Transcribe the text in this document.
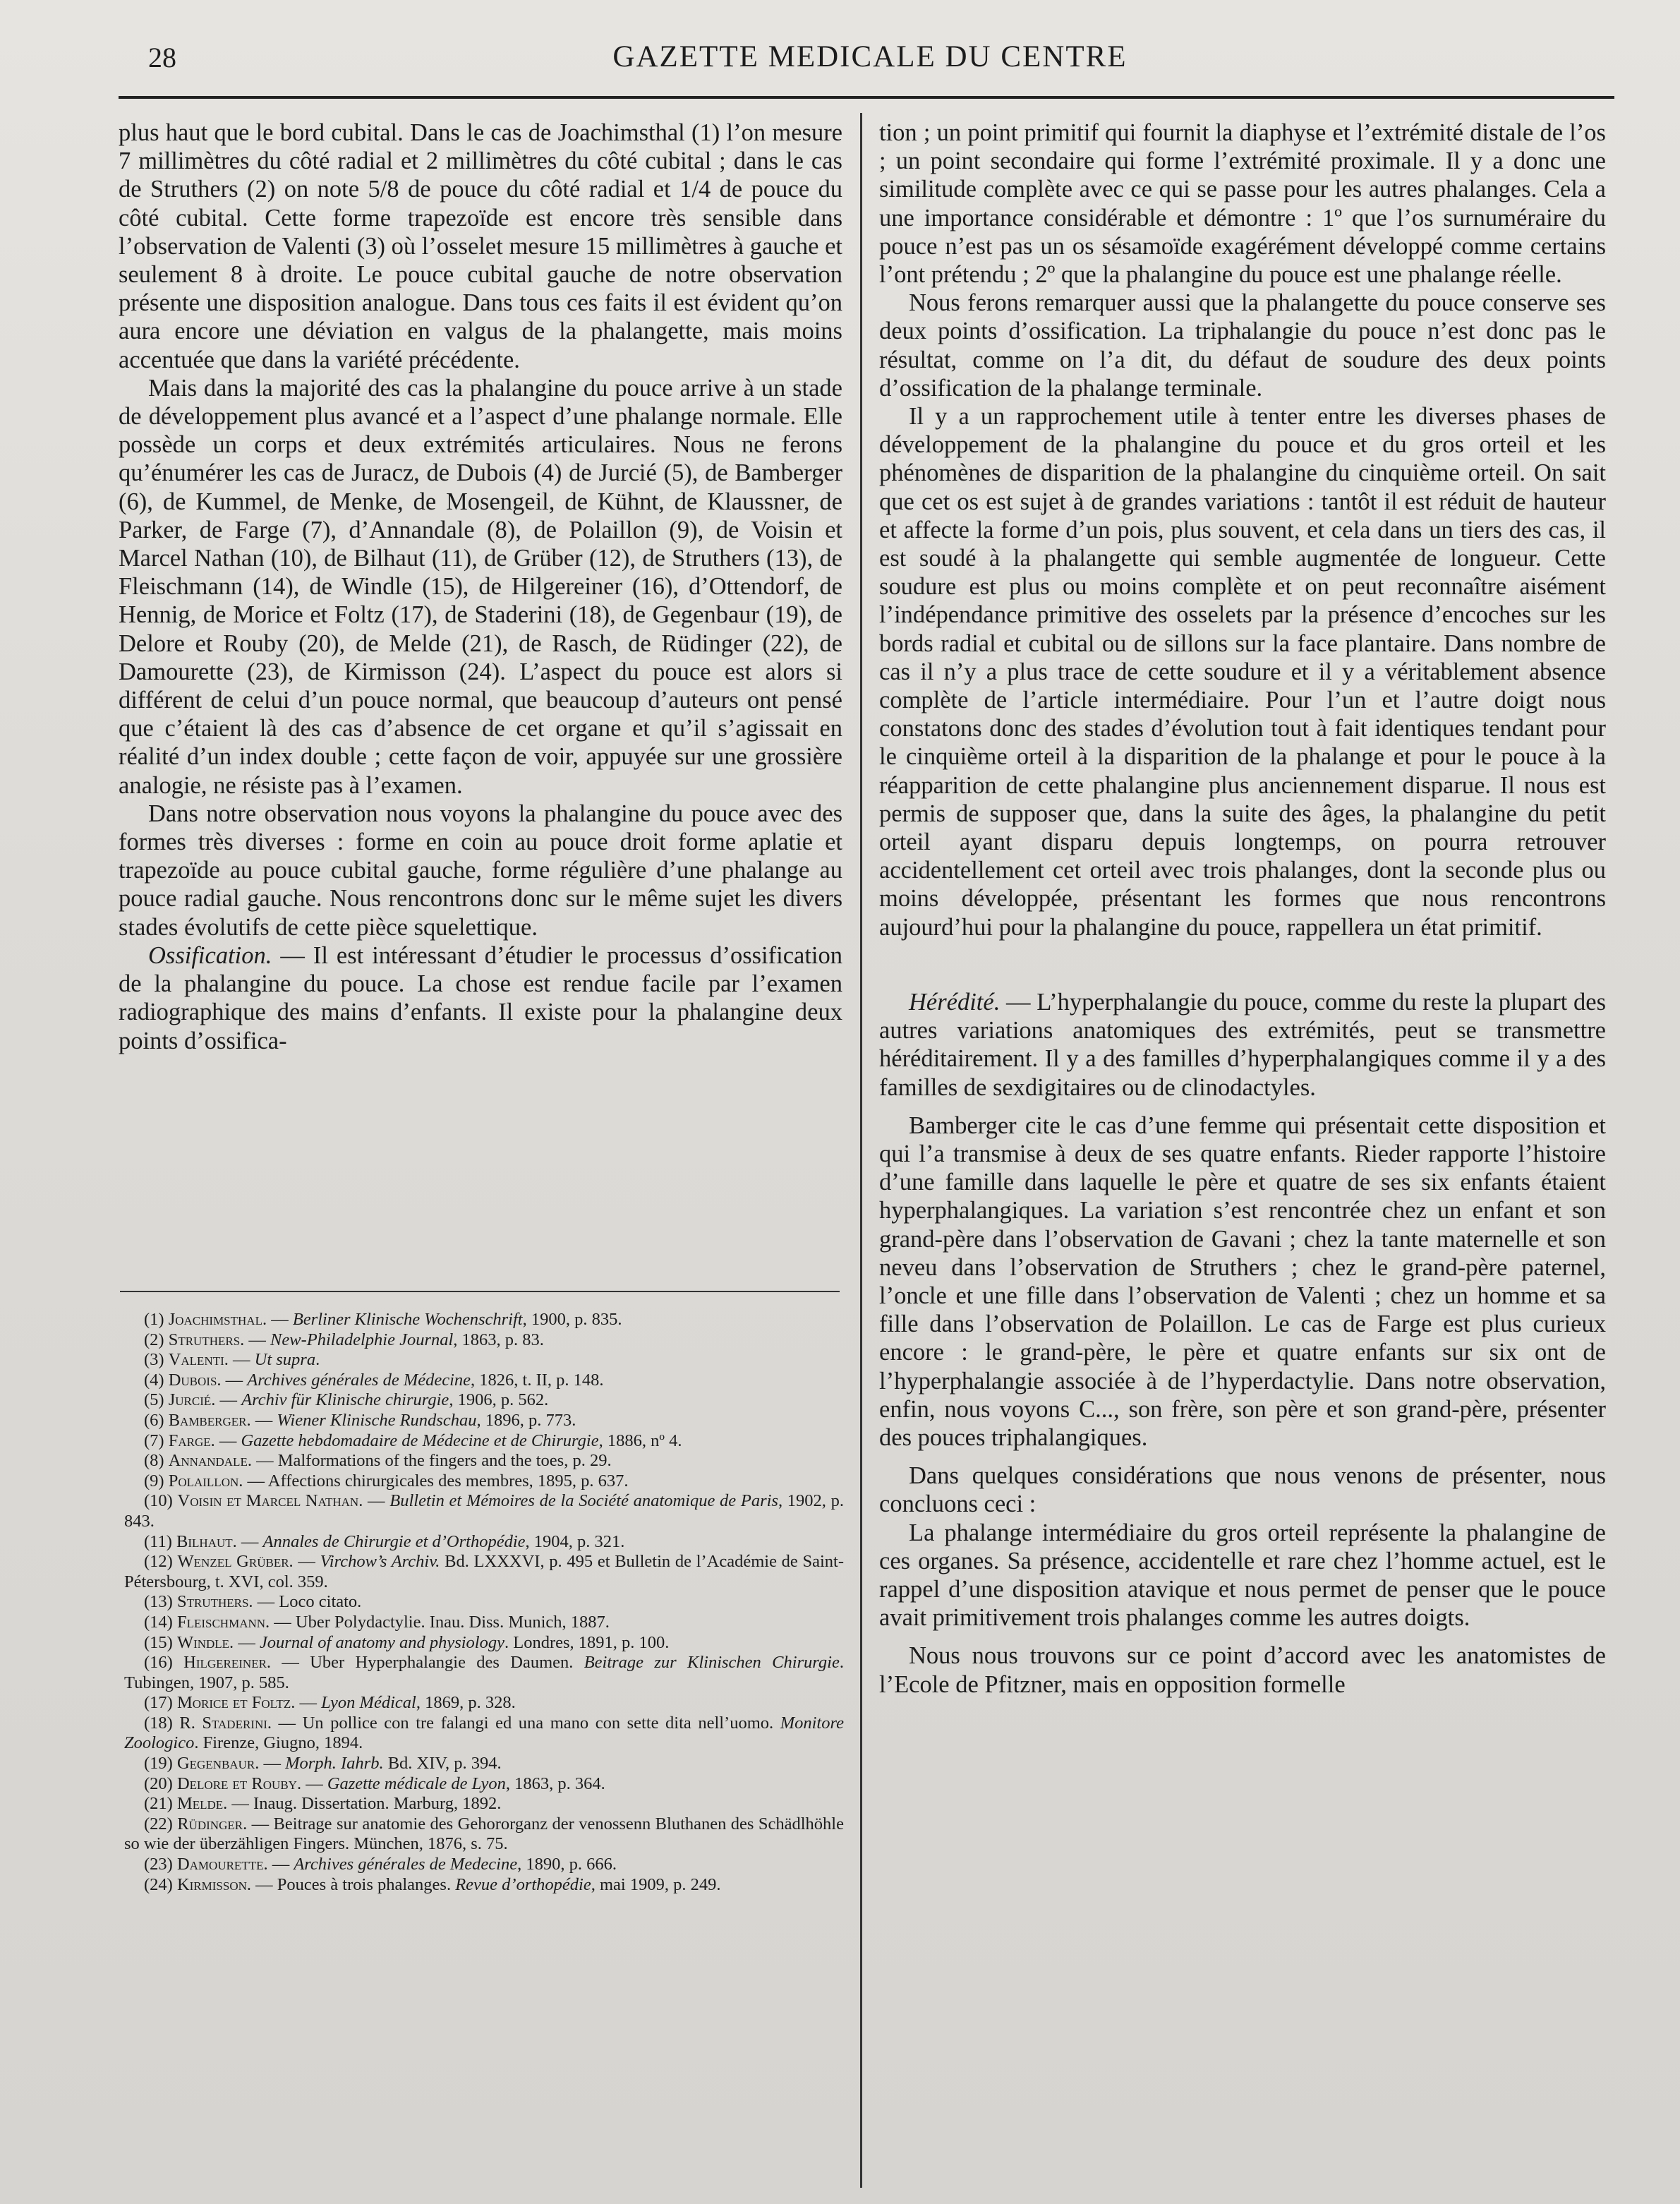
28	GAZETTE MEDICALE DU CENTRE

plus haut que le bord cubital. Dans le cas de Joachimsthal (1) l’on mesure 7 millimètres du côté radial et 2 millimètres du côté cubital ; dans le cas de Struthers (2) on note 5/8 de pouce du côté radial et 1/4 de pouce du côté cubital. Cette forme trapezoïde est encore très sensible dans l’observation de Valenti (3) où l’osselet mesure 15 millimètres à gauche et seulement 8 à droite. Le pouce cubital gauche de notre observation présente une disposition analogue. Dans tous ces faits il est évident qu’on aura encore une déviation en valgus de la phalangette, mais moins accentuée que dans la variété précédente.

Mais dans la majorité des cas la phalangine du pouce arrive à un stade de développement plus avancé et a l’aspect d’une phalange normale. Elle possède un corps et deux extrémités articulaires. Nous ne ferons qu’énumérer les cas de Juracz, de Dubois (4) de Jurcié (5), de Bamberger (6), de Kummel, de Menke, de Mosengeil, de Kühnt, de Klaussner, de Parker, de Farge (7), d’Annandale (8), de Polaillon (9), de Voisin et Marcel Nathan (10), de Bilhaut (11), de Grüber (12), de Struthers (13), de Fleischmann (14), de Windle (15), de Hilgereiner (16), d’Ottendorf, de Hennig, de Morice et Foltz (17), de Staderini (18), de Gegenbaur (19), de Delore et Rouby (20), de Melde (21), de Rasch, de Rüdinger (22), de Damourette (23), de Kirmisson (24). L’aspect du pouce est alors si différent de celui d’un pouce normal, que beaucoup d’auteurs ont pensé que c’étaient là des cas d’absence de cet organe et qu’il s’agissait en réalité d’un index double ; cette façon de voir, appuyée sur une grossière analogie, ne résiste pas à l’examen.

Dans notre observation nous voyons la phalangine du pouce avec des formes très diverses : forme en coin au pouce droit forme aplatie et trapezoïde au pouce cubital gauche, forme régulière d’une phalange au pouce radial gauche. Nous rencontrons donc sur le même sujet les divers stades évolutifs de cette pièce squelettique.

Ossification. — Il est intéressant d’étudier le processus d’ossification de la phalangine du pouce. La chose est rendue facile par l’examen radiographique des mains d’enfants. Il existe pour la phalangine deux points d’ossifica-

(1) Joachimsthal. — Berliner Klinische Wochenschrift, 1900, p. 835.

(2) Struthers. — New-Philadelphie Journal, 1863, p. 83.

(3) Valenti. — Ut supra.

(4) Dubois. — Archives générales de Médecine, 1826, t. II, p. 148.

(5) Jurcié. — Archiv für Klinische chirurgie, 1906, p. 562.

(6) Bamberger. — Wiener Klinische Rundschau, 1896, p. 773.

(7) Farge. — Gazette hebdomadaire de Médecine et de Chirurgie, 1886, nº 4.

(8) Annandale. — Malformations of the fingers and the toes, p. 29.

(9) Polaillon. — Affections chirurgicales des membres, 1895, p. 637.

(10) Voisin et Marcel Nathan. — Bulletin et Mémoires de la Société anatomique de Paris, 1902, p. 843.

(11) Bilhaut. — Annales de Chirurgie et d’Orthopédie, 1904, p. 321.

(12) Wenzel Grüber. — Virchow’s Archiv. Bd. LXXXVI, p. 495 et Bulletin de l’Académie de Saint-Pétersbourg, t. XVI, col. 359.

(13) Struthers. — Loco citato.

(14) Fleischmann. — Uber Polydactylie. Inau. Diss. Munich, 1887.

(15) Windle. — Journal of anatomy and physiology. Londres, 1891, p. 100.

(16) Hilgereiner. — Uber Hyperphalangie des Daumen. Beitrage zur Klinischen Chirurgie. Tubingen, 1907, p. 585.

(17) Morice et Foltz. — Lyon Médical, 1869, p. 328.

(18) R. Staderini. — Un pollice con tre falangi ed una mano con sette dita nell’uomo. Monitore Zoologico. Firenze, Giugno, 1894.

(19) Gegenbaur. — Morph. Iahrb. Bd. XIV, p. 394.

(20) Delore et Rouby. — Gazette médicale de Lyon, 1863, p. 364.

(21) Melde. — Inaug. Dissertation. Marburg, 1892.

(22) Rüdinger. — Beitrage sur anatomie des Gehororganz der venossenn Bluthanen des Schädlhöhle so wie der überzähligen Fingers. München, 1876, s. 75.

(23) Damourette. — Archives générales de Medecine, 1890, p. 666.

(24) Kirmisson. — Pouces à trois phalanges. Revue d’orthopédie, mai 1909, p. 249.

tion ; un point primitif qui fournit la diaphyse et l’extrémité distale de l’os ; un point secondaire qui forme l’extrémité proximale. Il y a donc une similitude complète avec ce qui se passe pour les autres phalanges. Cela a une importance considérable et démontre : 1º que l’os surnuméraire du pouce n’est pas un os sésamoïde exagérément développé comme certains l’ont prétendu ; 2º que la phalangine du pouce est une phalange réelle.

Nous ferons remarquer aussi que la phalangette du pouce conserve ses deux points d’ossification. La triphalangie du pouce n’est donc pas le résultat, comme on l’a dit, du défaut de soudure des deux points d’ossification de la phalange terminale.

Il y a un rapprochement utile à tenter entre les diverses phases de développement de la phalangine du pouce et du gros orteil et les phénomènes de disparition de la phalangine du cinquième orteil. On sait que cet os est sujet à de grandes variations : tantôt il est réduit de hauteur et affecte la forme d’un pois, plus souvent, et cela dans un tiers des cas, il est soudé à la phalangette qui semble augmentée de longueur. Cette soudure est plus ou moins complète et on peut reconnaître aisément l’indépendance primitive des osselets par la présence d’encoches sur les bords radial et cubital ou de sillons sur la face plantaire. Dans nombre de cas il n’y a plus trace de cette soudure et il y a véritablement absence complète de l’article intermédiaire. Pour l’un et l’autre doigt nous constatons donc des stades d’évolution tout à fait identiques tendant pour le cinquième orteil à la disparition de la phalange et pour le pouce à la réapparition de cette phalangine plus anciennement disparue. Il nous est permis de supposer que, dans la suite des âges, la phalangine du petit orteil ayant disparu depuis longtemps, on pourra retrouver accidentellement cet orteil avec trois phalanges, dont la seconde plus ou moins développée, présentant les formes que nous rencontrons aujourd’hui pour la phalangine du pouce, rappellera un état primitif.

Hérédité. — L’hyperphalangie du pouce, comme du reste la plupart des autres variations anatomiques des extrémités, peut se transmettre héréditairement. Il y a des familles d’hyperphalangiques comme il y a des familles de sexdigitaires ou de clinodactyles.

Bamberger cite le cas d’une femme qui présentait cette disposition et qui l’a transmise à deux de ses quatre enfants. Rieder rapporte l’histoire d’une famille dans laquelle le père et quatre de ses six enfants étaient hyperphalangiques. La variation s’est rencontrée chez un enfant et son grand-père dans l’observation de Gavani ; chez la tante maternelle et son neveu dans l’observation de Struthers ; chez le grand-père paternel, l’oncle et une fille dans l’observation de Valenti ; chez un homme et sa fille dans l’observation de Polaillon. Le cas de Farge est plus curieux encore : le grand-père, le père et quatre enfants sur six ont de l’hyperphalangie associée à de l’hyperdactylie. Dans notre observation, enfin, nous voyons C..., son frère, son père et son grand-père, présenter des pouces triphalangiques.

Dans quelques considérations que nous venons de présenter, nous concluons ceci :

La phalange intermédiaire du gros orteil représente la phalangine de ces organes. Sa présence, accidentelle et rare chez l’homme actuel, est le rappel d’une disposition atavique et nous permet de penser que le pouce avait primitivement trois phalanges comme les autres doigts.

Nous nous trouvons sur ce point d’accord avec les anatomistes de l’Ecole de Pfitzner, mais en opposition formelle
